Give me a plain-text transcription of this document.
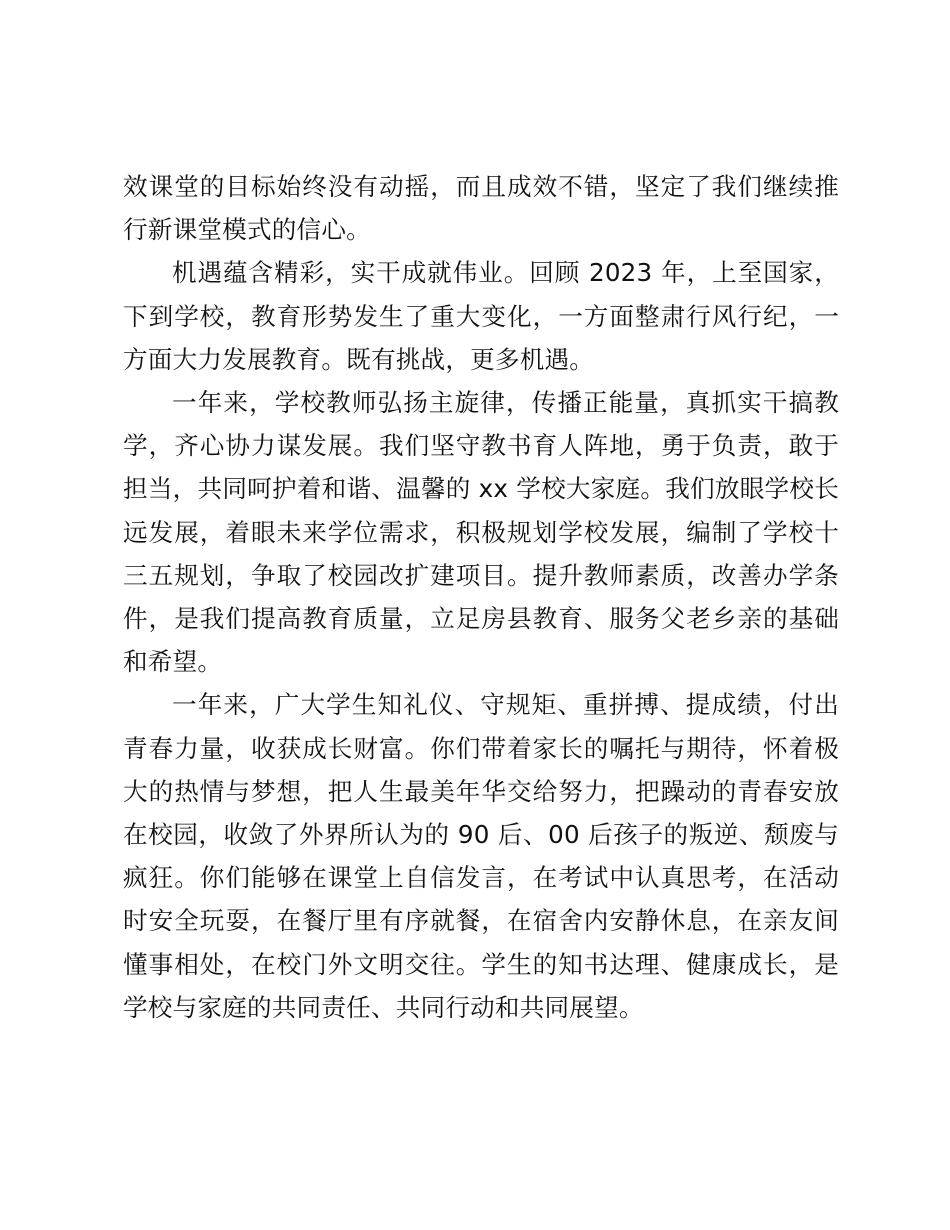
效课堂的目标始终没有动摇，而且成效不错，坚定了我们继续推行新课堂模式的信心。

机遇蕴含精彩，实干成就伟业。回顾 2023 年，上至国家，下到学校，教育形势发生了重大变化，一方面整肃行风行纪，一方面大力发展教育。既有挑战，更多机遇。

一年来，学校教师弘扬主旋律，传播正能量，真抓实干搞教学，齐心协力谋发展。我们坚守教书育人阵地，勇于负责，敢于担当，共同呵护着和谐、温馨的 xx 学校大家庭。我们放眼学校长远发展，着眼未来学位需求，积极规划学校发展，编制了学校十三五规划，争取了校园改扩建项目。提升教师素质，改善办学条件，是我们提高教育质量，立足房县教育、服务父老乡亲的基础和希望。

一年来，广大学生知礼仪、守规矩、重拼搏、提成绩，付出青春力量，收获成长财富。你们带着家长的嘱托与期待，怀着极大的热情与梦想，把人生最美年华交给努力，把躁动的青春安放在校园，收敛了外界所认为的 90 后、00 后孩子的叛逆、颓废与疯狂。你们能够在课堂上自信发言，在考试中认真思考，在活动时安全玩耍，在餐厅里有序就餐，在宿舍内安静休息，在亲友间懂事相处，在校门外文明交往。学生的知书达理、健康成长，是学校与家庭的共同责任、共同行动和共同展望。
